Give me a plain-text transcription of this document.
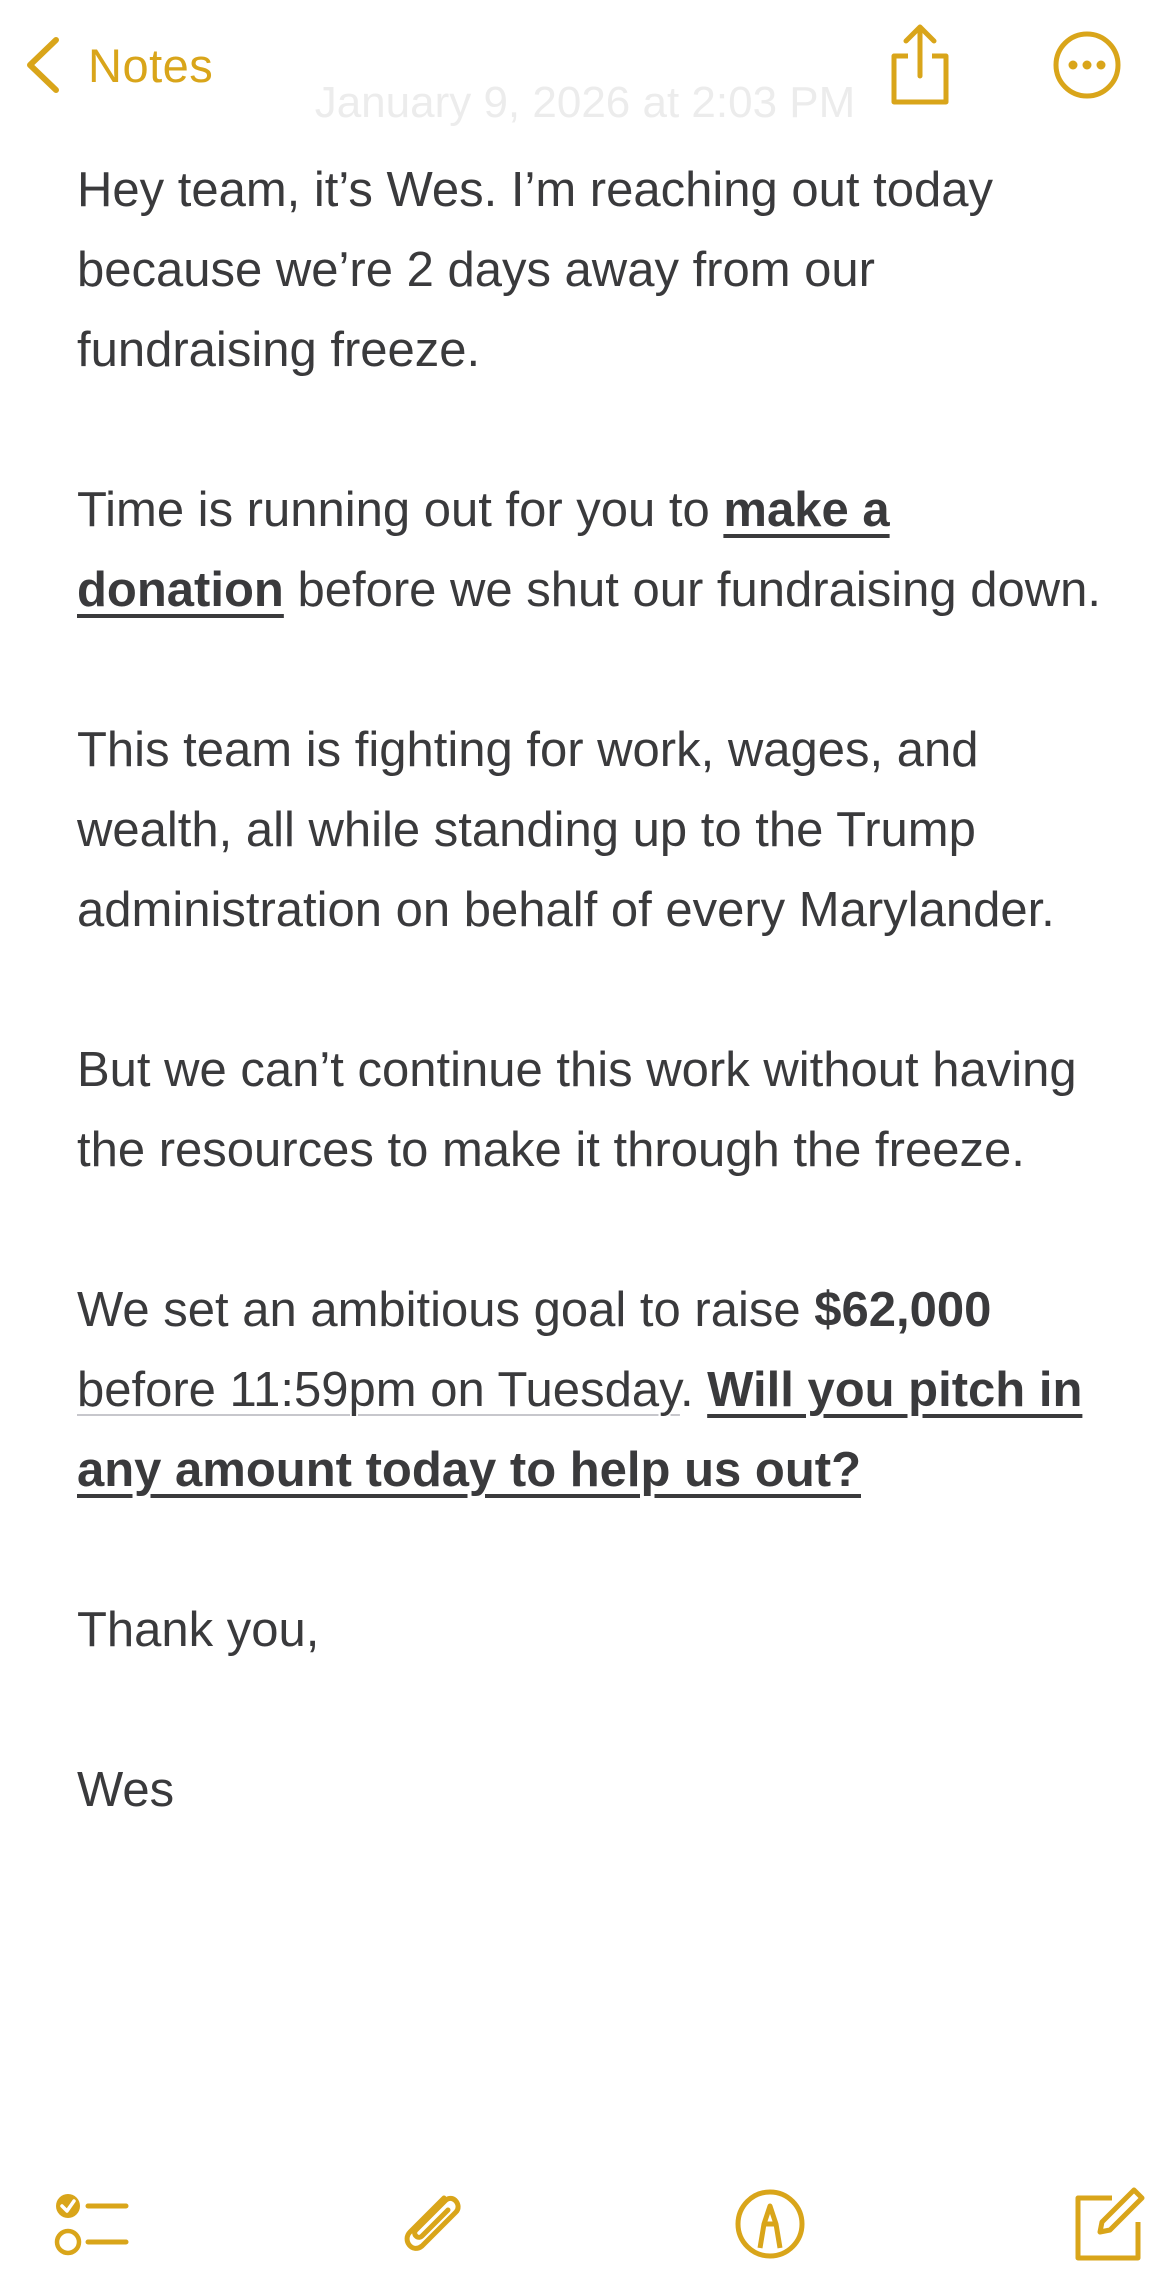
Notes
January 9, 2026 at 2:03 PM

Hey team, it’s Wes. I’m reaching out today because we’re 2 days away from our fundraising freeze.

Time is running out for you to make a donation before we shut our fundraising down.

This team is fighting for work, wages, and wealth, all while standing up to the Trump administration on behalf of every Marylander.

But we can’t continue this work without having the resources to make it through the freeze.

We set an ambitious goal to raise $62,000 before 11:59pm on Tuesday. Will you pitch in any amount today to help us out?

Thank you,

Wes
